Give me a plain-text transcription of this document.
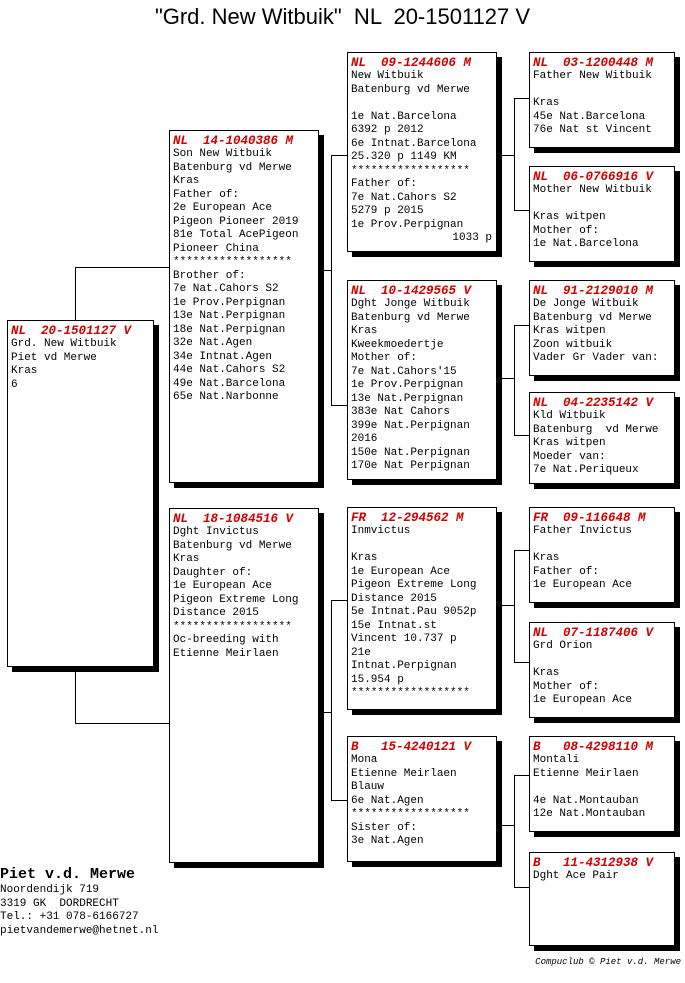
"Grd. New Witbuik"  NL  20-1501127 V
NL  20-1501127 V
Grd. New Witbuik
Piet vd Merwe
Kras
6
NL  14-1040386 M
Son New Witbuik
Batenburg vd Merwe
Kras
Father of:
2e European Ace
Pigeon Pioneer 2019
81e Total AcePigeon
Pioneer China
******************
Brother of:
7e Nat.Cahors S2
1e Prov.Perpignan
13e Nat.Perpignan
18e Nat.Perpignan
32e Nat.Agen
34e Intnat.Agen
44e Nat.Cahors S2
49e Nat.Barcelona
65e Nat.Narbonne
NL  18-1084516 V
Dght Invictus
Batenburg vd Merwe
Kras
Daughter of:
1e European Ace
Pigeon Extreme Long
Distance 2015
******************
Oc-breeding with
Etienne Meirlaen
NL  09-1244606 M
New Witbuik
Batenburg vd Merwe
1e Nat.Barcelona
6392 p 2012
6e Intnat.Barcelona
25.320 p 1149 KM
******************
Father of:
7e Nat.Cahors S2
5279 p 2015
1e Prov.Perpignan
1033 p
NL  10-1429565 V
Dght Jonge Witbuik
Batenburg vd Merwe
Kras
Kweekmoedertje
Mother of:
7e Nat.Cahors'15
1e Prov.Perpignan
13e Nat.Perpignan
383e Nat Cahors
399e Nat.Perpignan
2016
150e Nat.Perpignan
170e Nat Perpignan
FR  12-294562 M
Inmvictus
Kras
1e European Ace
Pigeon Extreme Long
Distance 2015
5e Intnat.Pau 9052p
15e Intnat.st
Vincent 10.737 p
21e
Intnat.Perpignan
15.954 p
******************
B   15-4240121 V
Mona
Etienne Meirlaen
Blauw
6e Nat.Agen
******************
Sister of:
3e Nat.Agen
NL  03-1200448 M
Father New Witbuik
Kras
45e Nat.Barcelona
76e Nat st Vincent
NL  06-0766916 V
Mother New Witbuik
Kras witpen
Mother of:
1e Nat.Barcelona
NL  91-2129010 M
De Jonge Witbuik
Batenburg vd Merwe
Kras witpen
Zoon witbuik
Vader Gr Vader van:
NL  04-2235142 V
Kld Witbuik
Batenburg  vd Merwe
Kras witpen
Moeder van:
7e Nat.Periqueux
FR  09-116648 M
Father Invictus
Kras
Father of:
1e European Ace
NL  07-1187406 V
Grd Orion
Kras
Mother of:
1e European Ace
B   08-4298110 M
Montali
Etienne Meirlaen
4e Nat.Montauban
12e Nat.Montauban
B   11-4312938 V
Dght Ace Pair
Piet v.d. Merwe
Noordendijk 719
3319 GK  DORDRECHT
Tel.: +31 078-6166727
pietvandemerwe@hetnet.nl
Compuclub © Piet v.d. Merwe
